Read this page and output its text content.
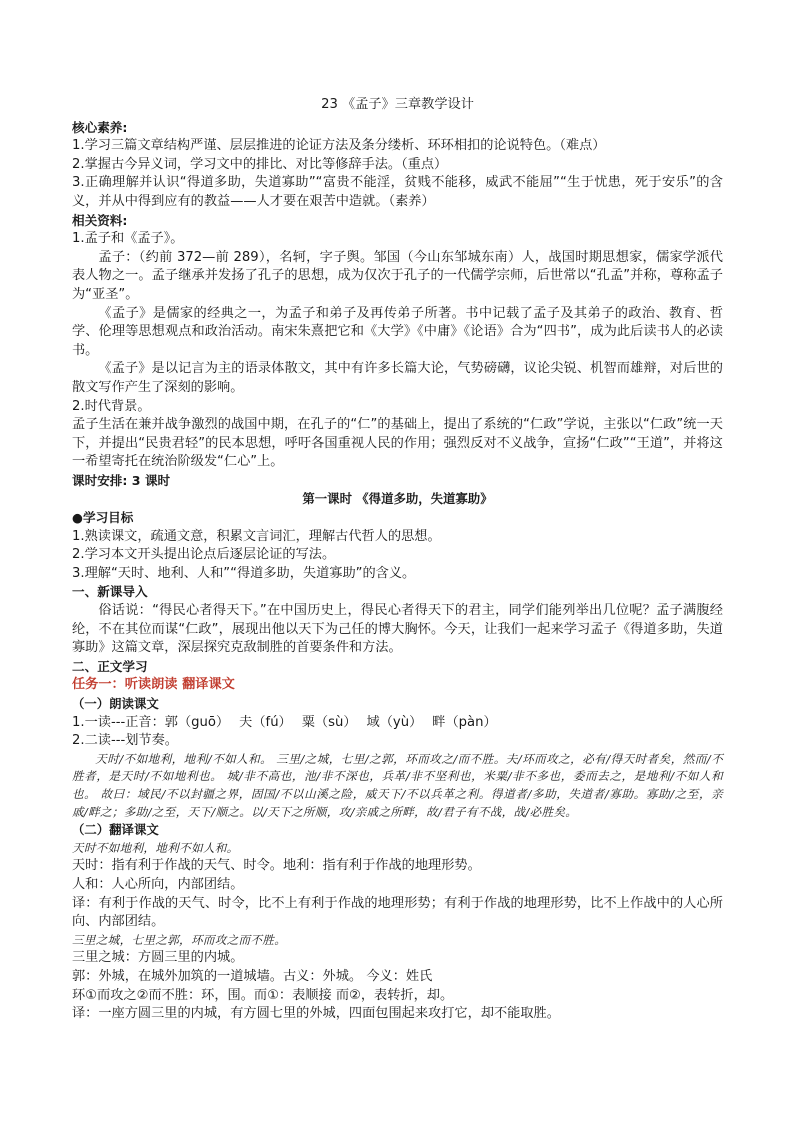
23 《孟子》三章教学设计
核心素养:

1.学习三篇文章结构严谨、层层推进的论证方法及条分缕析、环环相扣的论说特色。（难点）

2.掌握古今异义词，学习文中的排比、对比等修辞手法。（重点）

3.正确理解并认识“得道多助，失道寡助”“富贵不能淫，贫贱不能移，威武不能屈”“生于忧患，死于安乐”的含义，并从中得到应有的教益——人才要在艰苦中造就。（素养）

相关资料:

1.孟子和《孟子》。

孟子：（约前 372—前 289），名轲，字子舆。邹国（今山东邹城东南）人，战国时期思想家，儒家学派代表人物之一。孟子继承并发扬了孔子的思想，成为仅次于孔子的一代儒学宗师，后世常以“孔孟”并称，尊称孟子为“亚圣”。

《孟子》是儒家的经典之一，为孟子和弟子及再传弟子所著。书中记载了孟子及其弟子的政治、教育、哲学、伦理等思想观点和政治活动。南宋朱熹把它和《大学》《中庸》《论语》合为“四书”，成为此后读书人的必读书。

《孟子》是以记言为主的语录体散文，其中有许多长篇大论，气势磅礴，议论尖锐、机智而雄辩，对后世的散文写作产生了深刻的影响。

2.时代背景。

孟子生活在兼并战争激烈的战国中期，在孔子的“仁”的基础上，提出了系统的“仁政”学说，主张以“仁政”统一天下，并提出“民贵君轻”的民本思想，呼吁各国重视人民的作用；强烈反对不义战争，宣扬“仁政”“王道”，并将这一希望寄托在统治阶级发“仁心”上。

课时安排: 3 课时
第一课时 《得道多助，失道寡助》
●学习目标

1.熟读课文，疏通文意，积累文言词汇，理解古代哲人的思想。

2.学习本文开头提出论点后逐层论证的写法。

3.理解“天时、地利、人和”“得道多助，失道寡助”的含义。

一、新课导入

俗话说：“得民心者得天下。”在中国历史上，得民心者得天下的君主，同学们能列举出几位呢？孟子满腹经纶，不在其位而谋“仁政”，展现出他以天下为己任的博大胸怀。今天，让我们一起来学习孟子《得道多助，失道寡助》这篇文章，深层探究克敌制胜的首要条件和方法。

二、正文学习
任务一：听读朗读 翻译课文
（一）朗读课文
1.一读---正音： 郭（guō） 夫（fú） 粟（sù） 域（yù） 畔（pàn）

2.二读---划节奏。

天时/不如地利，地利/不如人和。 三里/之城，七里/之郭，环而攻之/而不胜。夫/环而攻之，必有/得天时者矣，然而/不胜者，是天时/不如地利也。 城/非不高也，池/非不深也，兵革/非不坚利也，米粟/非不多也，委而去之，是地利/不如人和也。 故曰：域民/不以封疆之界，固国/不以山溪之险，威天下/不以兵革之利。得道者/多助，失道者/寡助。寡助/之至，亲戚/畔之；多助/之至，天下/顺之。以/天下之所顺，攻/亲戚之所畔，故/君子有不战，战/必胜矣。

（二）翻译课文

天时不如地利，地利不如人和。

天时：指有利于作战的天气、时令。地利：指有利于作战的地理形势。

人和：人心所向，内部团结。

译：有利于作战的天气、时令，比不上有利于作战的地理形势；有利于作战的地理形势，比不上作战中的人心所向、内部团结。

三里之城，七里之郭，环而攻之而不胜。

三里之城：方圆三里的内城。

郭：外城，在城外加筑的一道城墙。古义：外城。 今义：姓氏

环①而攻之②而不胜：环，围。而①：表顺接 而②，表转折，却。

译：一座方圆三里的内城，有方圆七里的外城，四面包围起来攻打它，却不能取胜。
